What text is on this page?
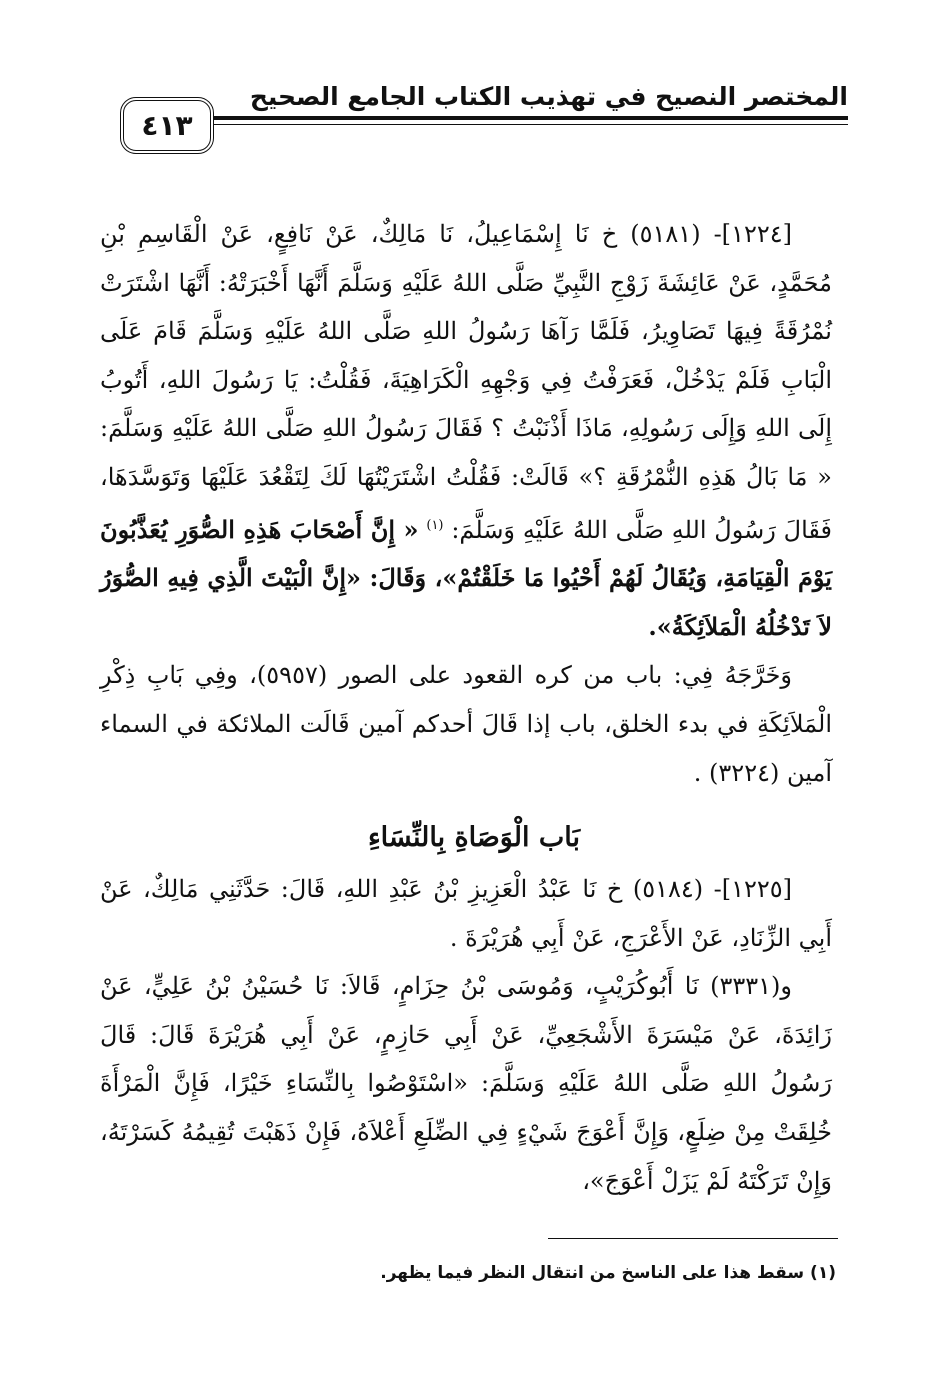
المختصر النصيح في تهذيب الكتاب الجامع الصحيح
٤١٣

[١٢٢٤]- (٥١٨١) خ نَا إِسْمَاعِيلُ، نَا مَالِكٌ، عَنْ نَافِعٍ، عَنْ الْقَاسِمِ بْنِ مُحَمَّدٍ، عَنْ عَائِشَةَ زَوْجِ النَّبِيِّ صَلَّى اللهُ عَلَيْهِ وَسَلَّمَ أَنَّهَا أَخْبَرَتْهُ: أَنَّهَا اشْتَرَتْ نُمْرُقَةً فِيهَا تَصَاوِيرُ، فَلَمَّا رَآهَا رَسُولُ اللهِ صَلَّى اللهُ عَلَيْهِ وَسَلَّمَ قَامَ عَلَى الْبَابِ فَلَمْ يَدْخُلْ، فَعَرَفْتُ فِي وَجْهِهِ الْكَرَاهِيَةَ، فَقُلْتُ: يَا رَسُولَ اللهِ، أَتُوبُ إِلَى اللهِ وَإِلَى رَسُولِهِ، مَاذَا أَذْنَبْتُ ؟ فَقَالَ رَسُولُ اللهِ صَلَّى اللهُ عَلَيْهِ وَسَلَّمَ: « مَا بَالُ هَذِهِ النُّمْرُقَةِ ؟» قَالَتْ: فَقُلْتُ اشْتَرَيْتُهَا لَكَ لِتَقْعُدَ عَلَيْهَا وَتَوَسَّدَهَا، فَقَالَ رَسُولُ اللهِ صَلَّى اللهُ عَلَيْهِ وَسَلَّمَ: $^{(١)}$ « إِنَّ أَصْحَابَ هَذِهِ الصُّوَرِ يُعَذَّبُونَ يَوْمَ الْقِيَامَةِ، وَيُقَالُ لَهُمْ أَحْيُوا مَا خَلَقْتُمْ»، وَقَالَ: «إِنَّ الْبَيْتَ الَّذِي فِيهِ الصُّوَرُ لاَ تَدْخُلُهُ الْمَلاَئِكَةُ».

وَخَرَّجَهُ فِي: باب من كره القعود على الصور (٥٩٥٧)، وفِي بَابِ ذِكْرِ الْمَلاَئِكَةِ في بدء الخلق، باب إذا قَالَ أحدكم آمين قَالَت الملائكة في السماء آمين (٣٢٢٤) .

بَاب الْوَصَاةِ بِالنِّسَاءِ

[١٢٢٥]- (٥١٨٤) خ نَا عَبْدُ الْعَزِيزِ بْنُ عَبْدِ اللهِ، قَالَ: حَدَّثَنِي مَالِكٌ، عَنْ أَبِي الزِّنَادِ، عَنْ الأَعْرَجِ، عَنْ أَبِي هُرَيْرَةَ .

و(٣٣٣١) نَا أَبُوكُرَيْبٍ، وَمُوسَى بْنُ حِزَامٍ، قَالاَ: نَا حُسَيْنُ بْنُ عَلِيٍّ، عَنْ زَائِدَةَ، عَنْ مَيْسَرَةَ الأَشْجَعِيِّ، عَنْ أَبِي حَازِمٍ، عَنْ أَبِي هُرَيْرَةَ قَالَ: قَالَ رَسُولُ اللهِ صَلَّى اللهُ عَلَيْهِ وَسَلَّمَ: «اسْتَوْصُوا بِالنِّسَاءِ خَيْرًا، فَإِنَّ الْمَرْأَةَ خُلِقَتْ مِنْ ضِلَعٍ، وَإِنَّ أَعْوَجَ شَيْءٍ فِي الضِّلَعِ أَعْلاَهُ، فَإِنْ ذَهَبْتَ تُقِيمُهُ كَسَرْتَهُ، وَإِنْ تَرَكْتَهُ لَمْ يَزَلْ أَعْوَجَ»،

(١) سقط هذا على الناسخ من انتقال النظر فيما يظهر.
